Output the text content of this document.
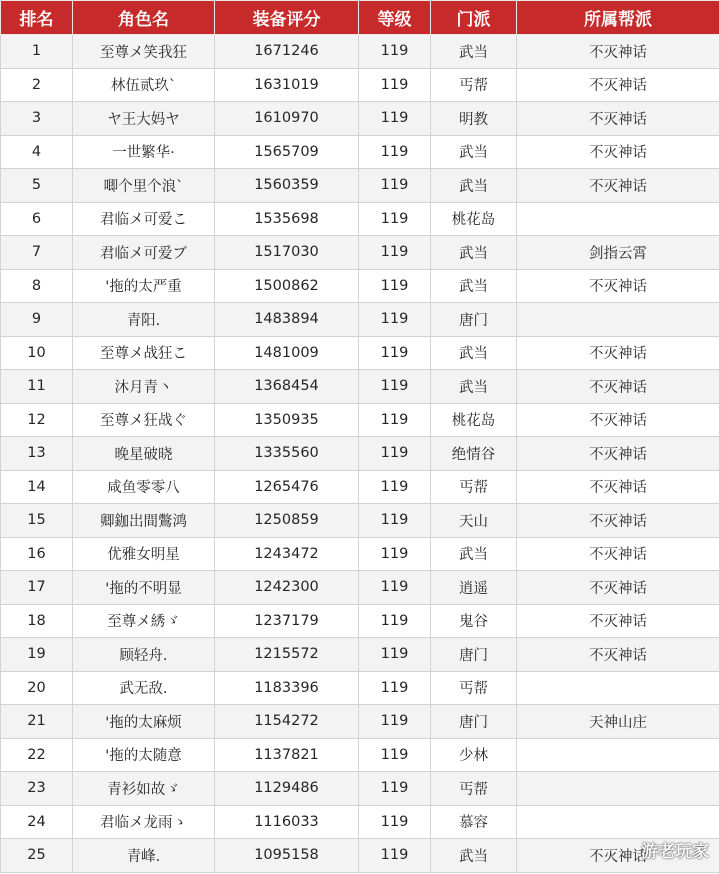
排名	角色名	装备评分	等级	门派	所属帮派
1	至尊メ笑我狂	1671246	119	武当	不灭神话
2	林伍贰玖`	1631019	119	丐帮	不灭神话
3	ヤ王大妈ヤ	1610970	119	明教	不灭神话
4	一世繁华·	1565709	119	武当	不灭神话
5	唧个里个浪`	1560359	119	武当	不灭神话
6	君临メ可爱こ	1535698	119	桃花岛	
7	君临メ可爱ブ	1517030	119	武当	剑指云霄
8	'拖的太严重	1500862	119	武当	不灭神话
9	青阳.	1483894	119	唐门	
10	至尊メ战狂こ	1481009	119	武当	不灭神话
11	沐月青丶	1368454	119	武当	不灭神话
12	至尊メ狂战ぐ	1350935	119	桃花岛	不灭神话
13	晚星破晓	1335560	119	绝情谷	不灭神话
14	咸鱼零零八	1265476	119	丐帮	不灭神话
15	卿鉫岀間鷩鸿	1250859	119	天山	不灭神话
16	优雅女明星	1243472	119	武当	不灭神话
17	'拖的不明显	1242300	119	逍遥	不灭神话
18	至尊メ綉ゞ	1237179	119	鬼谷	不灭神话
19	顾轻舟.	1215572	119	唐门	不灭神话
20	武无敌.	1183396	119	丐帮	
21	'拖的太麻烦	1154272	119	唐门	天神山庄
22	'拖的太随意	1137821	119	少林	
23	青衫如故ゞ	1129486	119	丐帮	
24	君临メ龙雨ゝ	1116033	119	慕容	
25	青峰.	1095158	119	武当	不灭神话
游老玩家
